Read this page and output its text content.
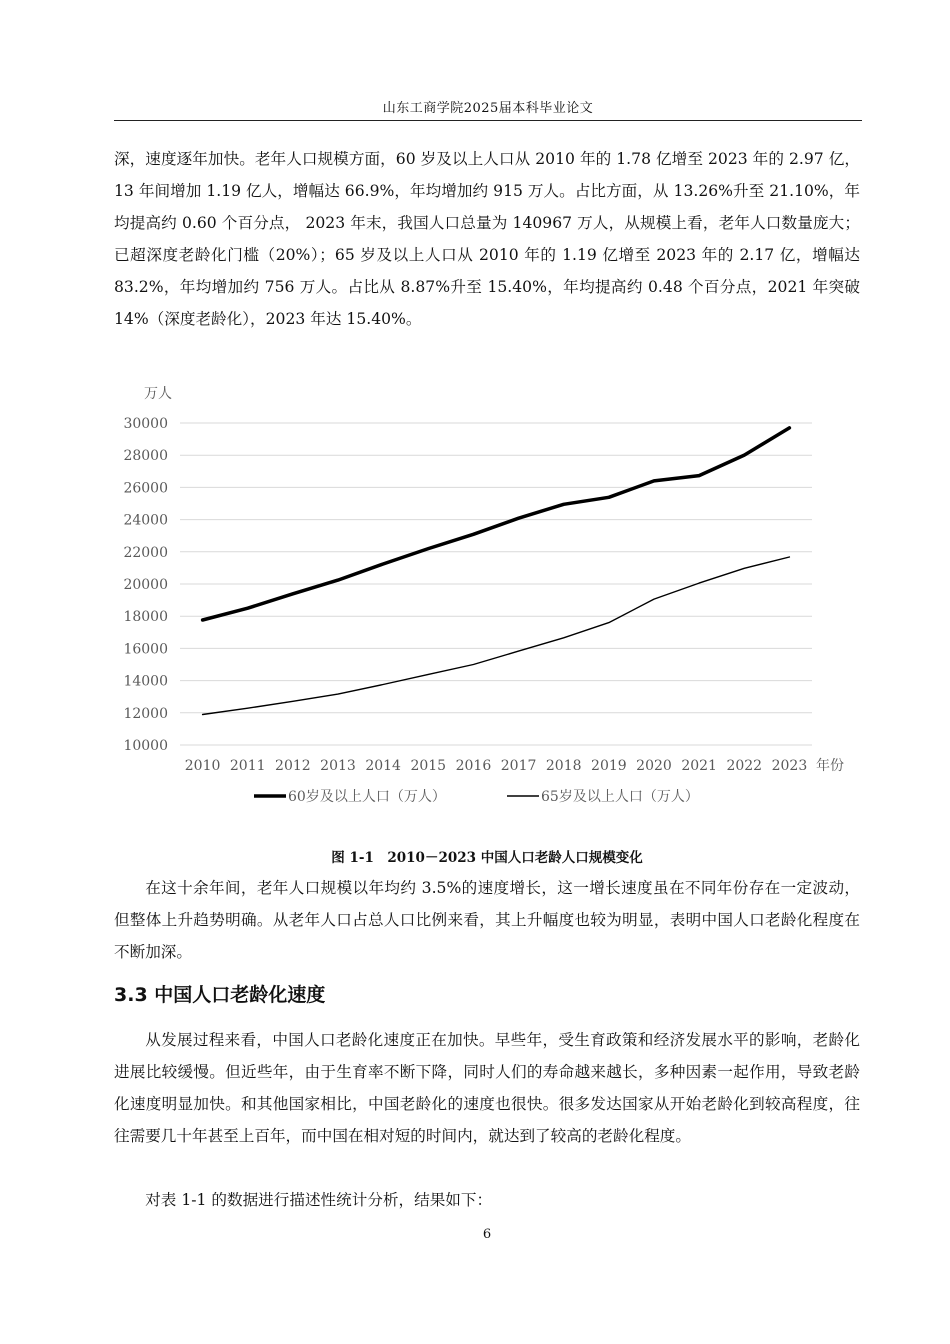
山东工商学院2025届本科毕业论文

深，速度逐年加快。老年人口规模方面，60 岁及以上人口从 2010 年的 1.78 亿增至 2023 年的 2.97 亿，13 年间增加 1.19 亿人，增幅达 66.9%，年均增加约 915 万人。占比方面，从 13.26%升至 21.10%，年均提高约 0.60 个百分点， 2023 年末，我国人口总量为 140967 万人，从规模上看，老年人口数量庞大；已超深度老龄化门槛（20%）；65 岁及以上人口从 2010 年的 1.19 亿增至 2023 年的 2.17 亿，增幅达 83.2%，年均增加约 756 万人。占比从 8.87%升至 15.40%，年均提高约 0.48 个百分点，2021 年突破 14%（深度老龄化），2023 年达 15.40%。

10000
12000
14000
16000
18000
20000
22000
24000
26000
28000
30000
2010 2011 2012 2013 2014 2015 2016 2017 2018 2019 2020 2021 2022 2023
万人
年份
60岁及以上人口（万人）	65岁及以上人口（万人）
图 1-1　2010－2023 中国人口老龄人口规模变化

在这十余年间，老年人口规模以年均约 3.5%的速度增长，这一增长速度虽在不同年份存在一定波动，但整体上升趋势明确。从老年人口占总人口比例来看，其上升幅度也较为明显，表明中国人口老龄化程度在不断加深。

3.3 中国人口老龄化速度

从发展过程来看，中国人口老龄化速度正在加快。早些年，受生育政策和经济发展水平的影响，老龄化进展比较缓慢。但近些年，由于生育率不断下降，同时人们的寿命越来越长，多种因素一起作用，导致老龄化速度明显加快。和其他国家相比，中国老龄化的速度也很快。很多发达国家从开始老龄化到较高程度，往往需要几十年甚至上百年，而中国在相对短的时间内，就达到了较高的老龄化程度。

对表 1-1 的数据进行描述性统计分析，结果如下：

6
